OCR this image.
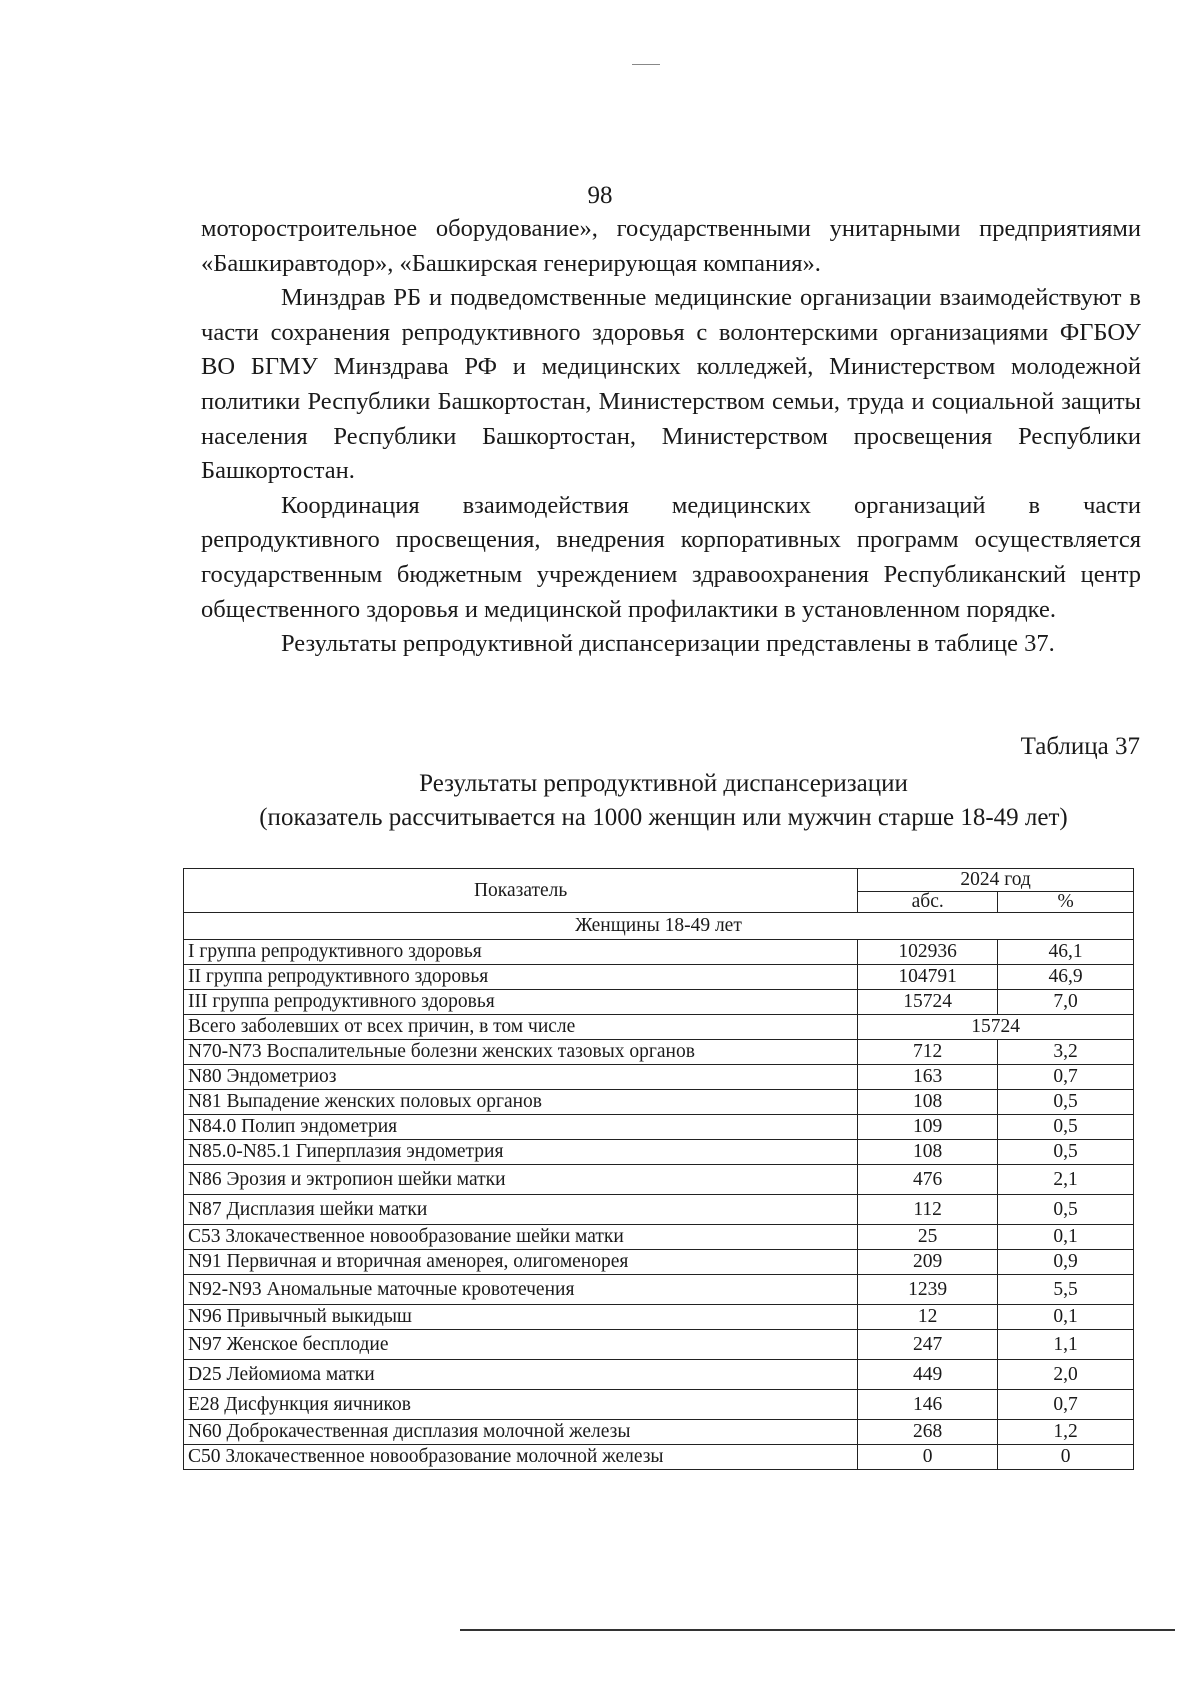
98

моторостроительное оборудование», государственными унитарными предприятиями «Башкиравтодор», «Башкирская генерирующая компания».

Минздрав РБ и подведомственные медицинские организации взаимодействуют в части сохранения репродуктивного здоровья с волонтерскими организациями ФГБОУ ВО БГМУ Минздрава РФ и медицинских колледжей, Министерством молодежной политики Республики Башкортостан, Министерством семьи, труда и социальной защиты населения Республики Башкортостан, Министерством просвещения Республики Башкортостан.

Координация взаимодействия медицинских организаций в части репродуктивного просвещения, внедрения корпоративных программ осуществляется государственным бюджетным учреждением здравоохранения Республиканский центр общественного здоровья и медицинской профилактики в установленном порядке.

Результаты репродуктивной диспансеризации представлены в таблице 37.

Таблица 37
Результаты репродуктивной диспансеризации
(показатель рассчитывается на 1000 женщин или мужчин старше 18-49 лет)
Показатель	2024 год	
	абс.	%
Женщины 18-49 лет		
I группа репродуктивного здоровья	102936	46,1
II группа репродуктивного здоровья	104791	46,9
III группа репродуктивного здоровья	15724	7,0
Всего заболевших от всех причин, в том числе	15724	
N70-N73 Воспалительные болезни женских тазовых органов	712	3,2
N80 Эндометриоз	163	0,7
N81 Выпадение женских половых органов	108	0,5
N84.0 Полип эндометрия	109	0,5
N85.0-N85.1 Гиперплазия эндометрия	108	0,5
N86 Эрозия и эктропион шейки матки	476	2,1
N87 Дисплазия шейки матки	112	0,5
С53 Злокачественное новообразование шейки матки	25	0,1
N91 Первичная и вторичная аменорея, олигоменорея	209	0,9
N92-N93 Аномальные маточные кровотечения	1239	5,5
N96 Привычный выкидыш	12	0,1
N97 Женское бесплодие	247	1,1
D25 Лейомиома матки	449	2,0
Е28 Дисфункция яичников	146	0,7
N60 Доброкачественная дисплазия молочной железы	268	1,2
С50 Злокачественное новообразование молочной железы	0	0
